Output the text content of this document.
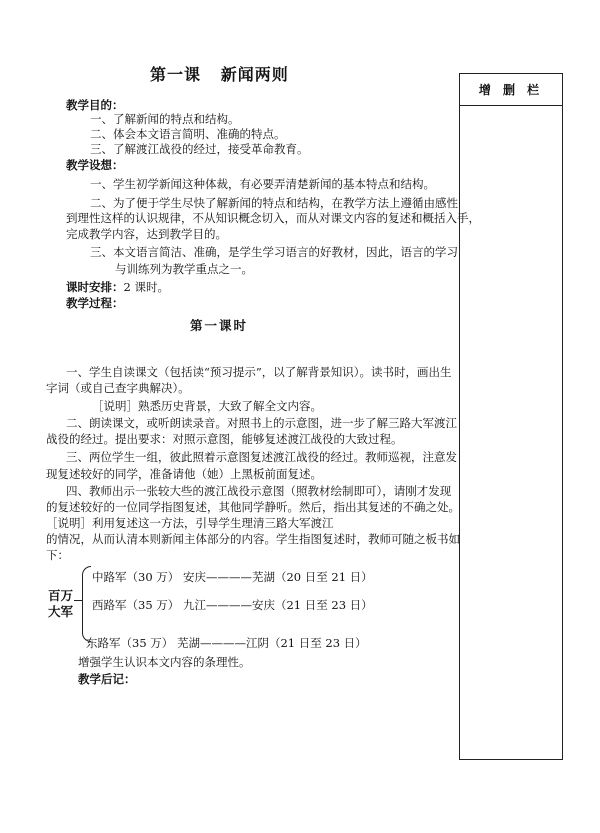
增 删 栏
第一课   新闻两则
教学目的：
一、了解新闻的特点和结构。
二、体会本文语言简明、准确的特点。
三、了解渡江战役的经过，接受革命教育。
教学设想：
一、学生初学新闻这种体裁，有必要弄清楚新闻的基本特点和结构。
二、为了便于学生尽快了解新闻的特点和结构，在教学方法上遵循由感性
到理性这样的认识规律，不从知识概念切入，而从对课文内容的复述和概括入手，
完成教学内容，达到教学目的。
三、本文语言简洁、准确，是学生学习语言的好教材，因此，语言的学习
与训练列为教学重点之一。
课时安排：2 课时。
教学过程：
第一课时
一、学生自读课文（包括读“预习提示”，以了解背景知识）。读书时，画出生
字词（或自己查字典解决）。
［说明］熟悉历史背景，大致了解全文内容。
二、朗读课文，或听朗读录音。对照书上的示意图，进一步了解三路大军渡江
战役的经过。提出要求：对照示意图，能够复述渡江战役的大致过程。
三、两位学生一组，彼此照着示意图复述渡江战役的经过。教师巡视，注意发
现复述较好的同学，准备请他（她）上黑板前面复述。
四、教师出示一张较大些的渡江战役示意图（照教材绘制即可），请刚才发现
的复述较好的一位同学指图复述，其他同学静听。然后，指出其复述的不确之处。
［说明］利用复述这一方法，引导学生理清三路大军渡江
的情况，从而认清本则新闻主体部分的内容。学生指图复述时，教师可随之板书如
下：
百万
大军
中路军（30 万） 安庆————芜湖（20 日至 21 日）
西路军（35 万） 九江————安庆（21 日至 23 日）
东路军（35 万） 芜湖————江阴（21 日至 23 日）
增强学生认识本文内容的条理性。
教学后记：
